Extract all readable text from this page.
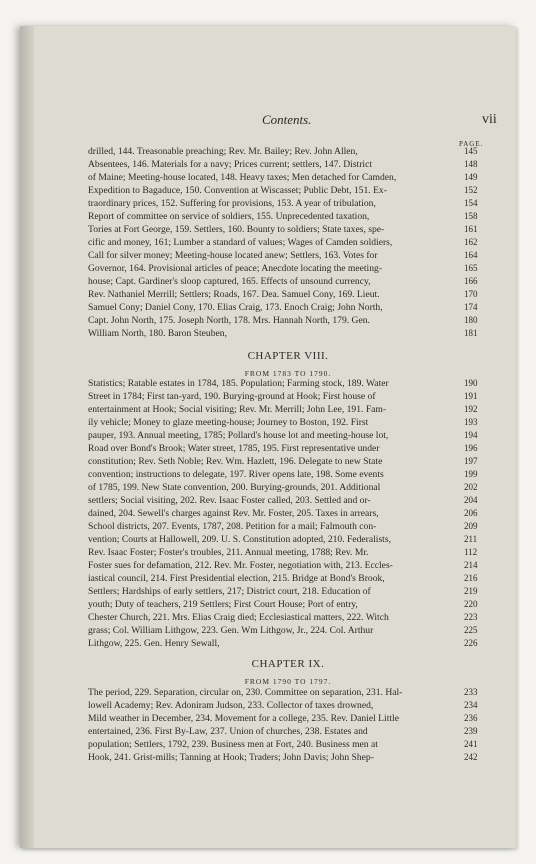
Contents.	vii
PAGE.
drilled, 144. Treasonable preaching; Rev. Mr. Bailey; Rev. John Allen,	145
Absentees, 146. Materials for a navy; Prices current; settlers, 147. District	148
of Maine; Meeting-house located, 148. Heavy taxes; Men detached for Camden,	149
Expedition to Bagaduce, 150. Convention at Wiscasset; Public Debt, 151. Ex-	152
traordinary prices, 152. Suffering for provisions, 153. A year of tribulation,	154
Report of committee on service of soldiers, 155. Unprecedented taxation,	158
Tories at Fort George, 159. Settlers, 160. Bounty to soldiers; State taxes, spe-	161
cific and money, 161; Lumber a standard of values; Wages of Camden soldiers,	162
Call for silver money; Meeting-house located anew; Settlers, 163. Votes for	164
Governor, 164. Provisional articles of peace; Anecdote locating the meeting-	165
house; Capt. Gardiner's sloop captured, 165. Effects of unsound currency,	166
Rev. Nathaniel Merrill; Settlers; Roads, 167. Dea. Samuel Cony, 169. Lieut.	170
Samuel Cony; Daniel Cony, 170. Elias Craig, 173. Enoch Craig; John North,	174
Capt. John North, 175. Joseph North, 178. Mrs. Hannah North, 179. Gen.	180
William North, 180. Baron Steuben,	181
CHAPTER VIII.
FROM 1783 TO 1790.
Statistics; Ratable estates in 1784, 185. Population; Farming stock, 189. Water	190
Street in 1784; First tan-yard, 190. Burying-ground at Hook; First house of	191
entertainment at Hook; Social visiting; Rev. Mr. Merrill; John Lee, 191. Fam-	192
ily vehicle; Money to glaze meeting-house; Journey to Boston, 192. First	193
pauper, 193. Annual meeting, 1785; Pollard's house lot and meeting-house lot,	194
Road over Bond's Brook; Water street, 1785, 195. First representative under	196
constitution; Rev. Seth Noble; Rev. Wm. Hazlett, 196. Delegate to new State	197
convention; instructions to delegate, 197. River opens late, 198. Some events	199
of 1785, 199. New State convention, 200. Burying-grounds, 201. Additional	202
settlers; Social visiting, 202. Rev. Isaac Foster called, 203. Settled and or-	204
dained, 204. Sewell's charges against Rev. Mr. Foster, 205. Taxes in arrears,	206
School districts, 207. Events, 1787, 208. Petition for a mail; Falmouth con-	209
vention; Courts at Hallowell, 209. U. S. Constitution adopted, 210. Federalists,	211
Rev. Isaac Foster; Foster's troubles, 211. Annual meeting, 1788; Rev. Mr.	112
Foster sues for defamation, 212. Rev. Mr. Foster, negotiation with, 213. Eccles-	214
iastical council, 214. First Presidential election, 215. Bridge at Bond's Brook,	216
Settlers; Hardships of early settlers, 217; District court, 218. Education of	219
youth; Duty of teachers, 219 Settlers; First Court House; Port of entry,	220
Chester Church, 221. Mrs. Elias Craig died; Ecclesiastical matters, 222. Witch	223
grass; Col. William Lithgow, 223. Gen. Wm Lithgow, Jr., 224. Col. Arthur	225
Lithgow, 225. Gen. Henry Sewall,	226
CHAPTER IX.
FROM 1790 TO 1797.
The period, 229. Separation, circular on, 230. Committee on separation, 231. Hal-	233
lowell Academy; Rev. Adoniram Judson, 233. Collector of taxes drowned,	234
Mild weather in December, 234. Movement for a college, 235. Rev. Daniel Little	236
entertained, 236. First By-Law, 237. Union of churches, 238. Estates and	239
population; Settlers, 1792, 239. Business men at Fort, 240. Business men at	241
Hook, 241. Grist-mills; Tanning at Hook; Traders; John Davis; John Shep-	242
